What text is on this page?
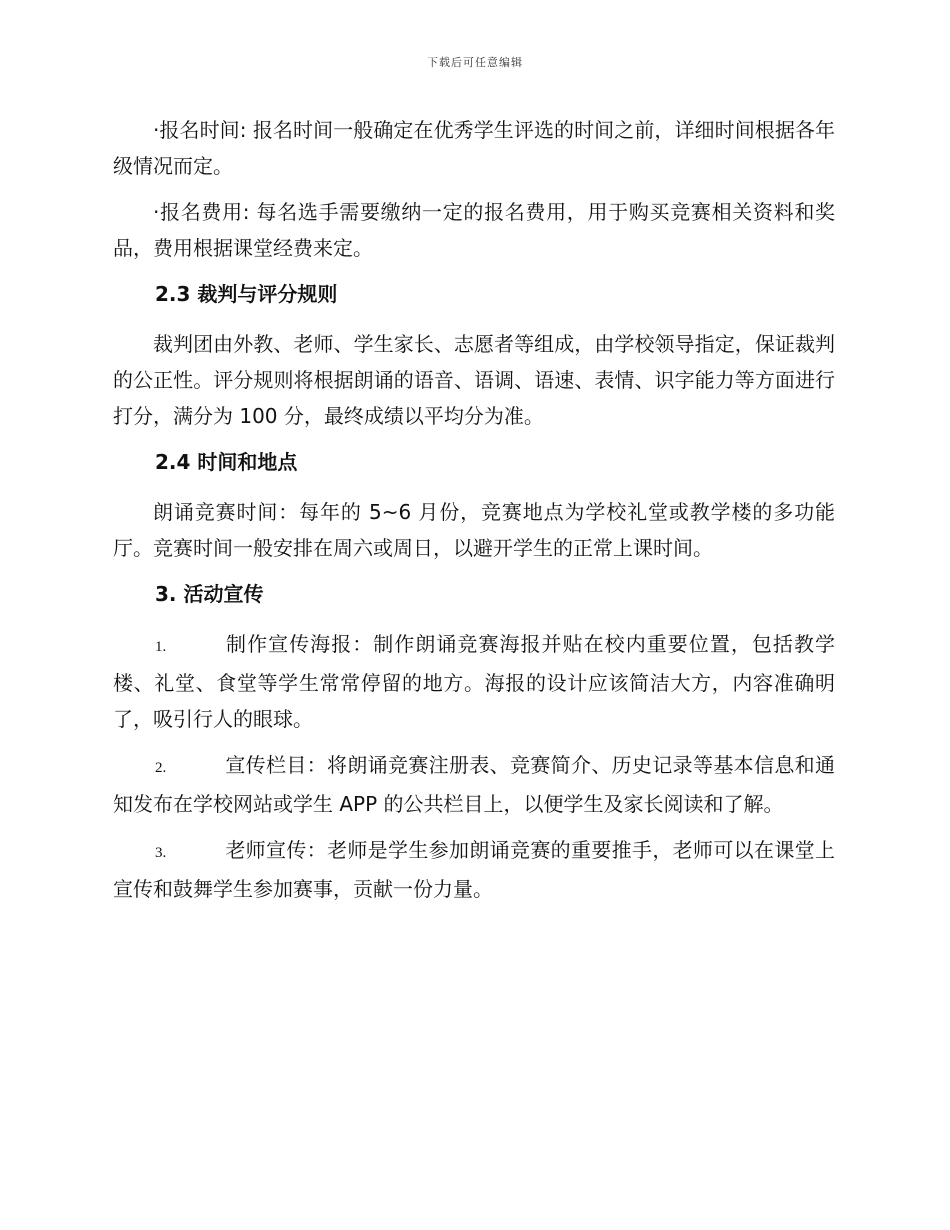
下载后可任意编辑

·报名时间: 报名时间一般确定在优秀学生评选的时间之前，详细时间根据各年级情况而定。

·报名费用: 每名选手需要缴纳一定的报名费用，用于购买竞赛相关资料和奖品，费用根据课堂经费来定。

2.3 裁判与评分规则

裁判团由外教、老师、学生家长、志愿者等组成，由学校领导指定，保证裁判的公正性。评分规则将根据朗诵的语音、语调、语速、表情、识字能力等方面进行打分，满分为 100 分，最终成绩以平均分为准。

2.4 时间和地点

朗诵竞赛时间：每年的 5~6 月份，竞赛地点为学校礼堂或教学楼的多功能厅。竞赛时间一般安排在周六或周日，以避开学生的正常上课时间。

3. 活动宣传

1.	制作宣传海报：制作朗诵竞赛海报并贴在校内重要位置，包括教学楼、礼堂、食堂等学生常常停留的地方。海报的设计应该简洁大方，内容准确明了，吸引行人的眼球。

2.	宣传栏目：将朗诵竞赛注册表、竞赛简介、历史记录等基本信息和通知发布在学校网站或学生 APP 的公共栏目上，以便学生及家长阅读和了解。

3.	老师宣传：老师是学生参加朗诵竞赛的重要推手，老师可以在课堂上宣传和鼓舞学生参加赛事，贡献一份力量。
